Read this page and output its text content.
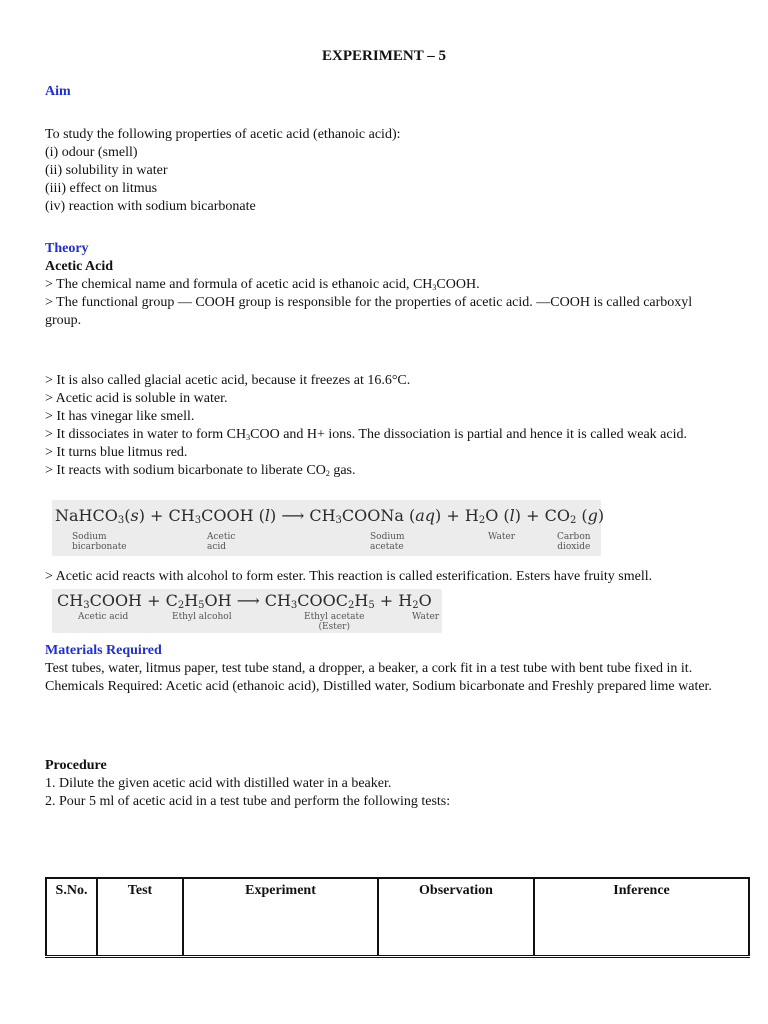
EXPERIMENT – 5
Aim
To study the following properties of acetic acid (ethanoic acid):
(i) odour (smell)
(ii) solubility in water
(iii) effect on litmus
(iv) reaction with sodium bicarbonate
Theory
Acetic Acid
> The chemical name and formula of acetic acid is ethanoic acid, $CH_3COOH$.
> The functional group — COOH group is responsible for the properties of acetic acid. —COOH is called carboxyl group.
> It is also called glacial acetic acid, because it freezes at 16.6°C.
> Acetic acid is soluble in water.
> It has vinegar like smell.
> It dissociates in water to form $CH_3COO$ and H+ ions. The dissociation is partial and hence it is called weak acid.
> It turns blue litmus red.
> It reacts with sodium bicarbonate to liberate $CO_2$ gas.
NaHCO$_3$(s) + $CH_3COOH$ (l) ⟶ $CH_3COONa$ $(aq) + H_2O$ $(l) + CO_2$ (g)
Sodium
bicarbonate
Acetic
acid
Sodium
acetate
Water	Carbon
dioxide
> Acetic acid reacts with alcohol to form ester. This reaction is called esterification. Esters have fruity smell.
$CH_3COOH + C_2H_5OH$ ⟶ $CH_3COOC_2H_5 + H_2O$
Acetic acid	Ethyl alcohol	Ethyl acetate
(Ester)
Water
Materials Required
Test tubes, water, litmus paper, test tube stand, a dropper, a beaker, a cork fit in a test tube with bent tube fixed in it.
Chemicals Required: Acetic acid (ethanoic acid), Distilled water, Sodium bicarbonate and Freshly prepared lime water.
Procedure
1. Dilute the given acetic acid with distilled water in a beaker.
2. Pour 5 ml of acetic acid in a test tube and perform the following tests:
S.No.	Test	Experiment	Observation	Inference
